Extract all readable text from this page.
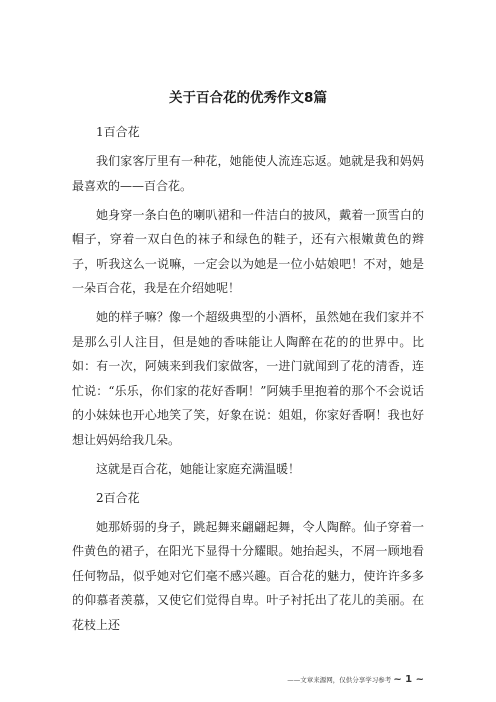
关于百合花的优秀作文8篇

1百合花

我们家客厅里有一种花，她能使人流连忘返。她就是我和妈妈最喜欢的——百合花。

她身穿一条白色的喇叭裙和一件洁白的披风，戴着一顶雪白的帽子，穿着一双白色的袜子和绿色的鞋子，还有六根嫩黄色的辫子，听我这么一说嘛，一定会以为她是一位小姑娘吧！不对，她是一朵百合花，我是在介绍她呢！

她的样子嘛？像一个超级典型的小酒杯，虽然她在我们家并不是那么引人注目，但是她的香味能让人陶醉在花的的世界中。比如：有一次，阿姨来到我们家做客，一进门就闻到了花的清香，连忙说：“乐乐，你们家的花好香啊！”阿姨手里抱着的那个不会说话的小妹妹也开心地笑了笑，好象在说：姐姐，你家好香啊！我也好想让妈妈给我几朵。

这就是百合花，她能让家庭充满温暖！

2百合花

她那娇弱的身子，跳起舞来翩翩起舞，令人陶醉。仙子穿着一件黄色的裙子，在阳光下显得十分耀眼。她抬起头，不屑一顾地看任何物品，似乎她对它们毫不感兴趣。百合花的魅力，使许许多多的仰慕者羡慕，又使它们觉得自卑。叶子衬托出了花儿的美丽。在花枝上还

——文章来源网，仅供分享学习参考 ~ 1 ~
